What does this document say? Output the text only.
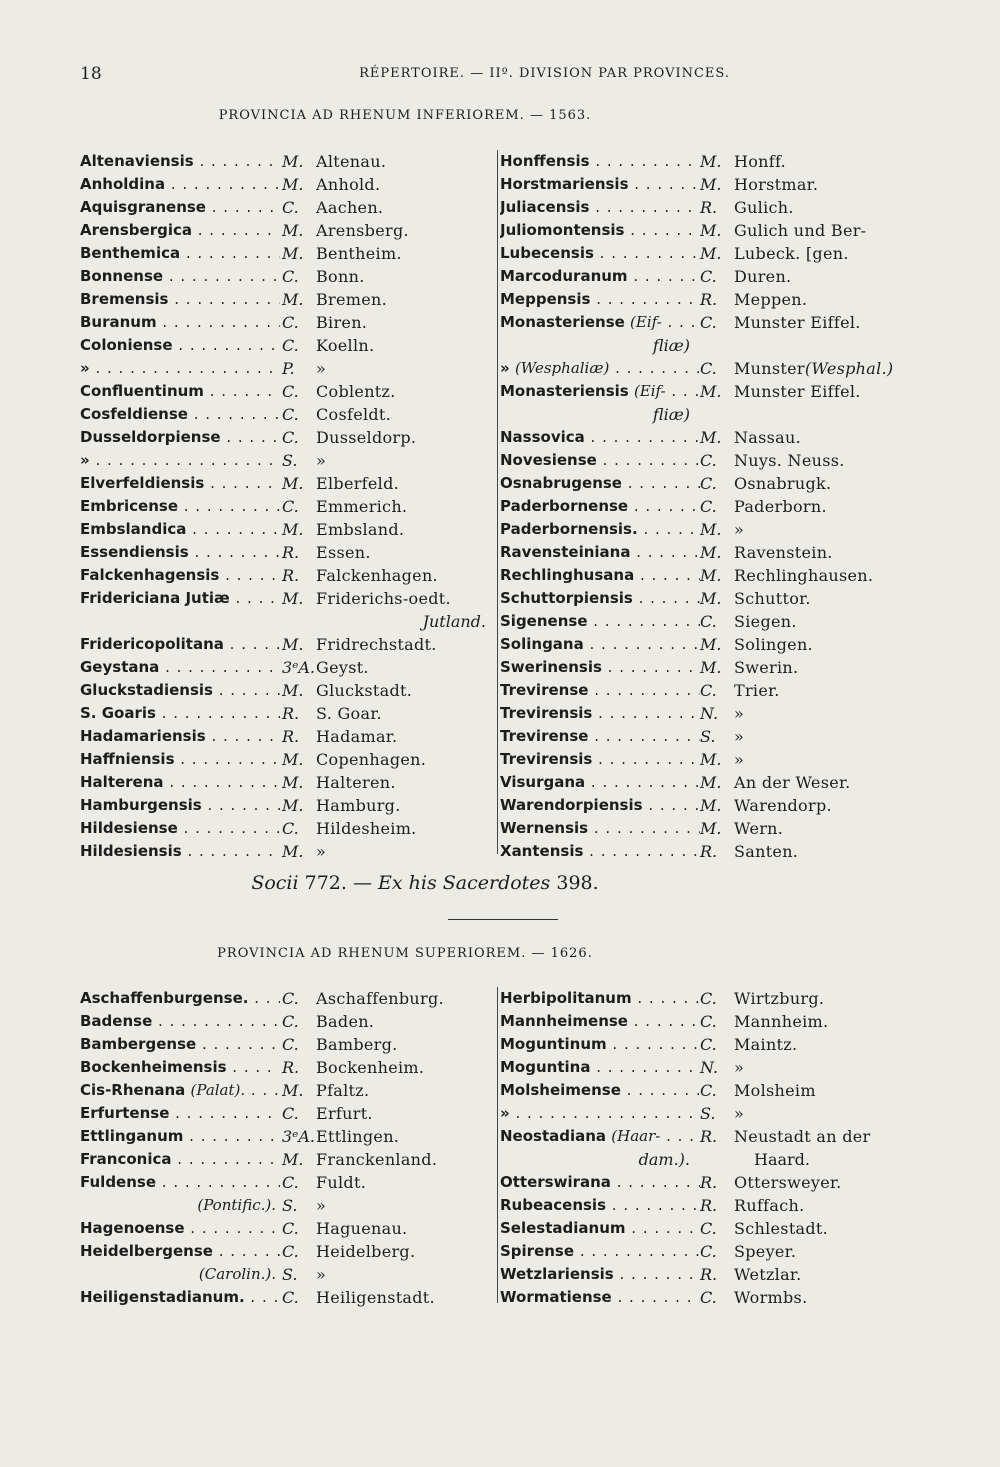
18	RÉPERTOIRE. — IIº. DIVISION PAR PROVINCES.
PROVINCIA AD RHENUM INFERIOREM. — 1563.
Altenaviensis . . .	M. Altenau.
Anholdina . . .	M. Anhold.
Aquisgranense . . .	C.	Aachen.
Arensbergica . . .	M. Arensberg.
Benthemica . . .	M. Bentheim.
Bonnense . . .	C.	Bonn.
Bremensis . . .	M. Bremen.
Buranum . . .	C.	Biren.
Coloniense . . .	C.	Koelln.
» . . .	P.	»
Confluentinum . . .	C.	Coblentz.
Cosfeldiense . . .	C.	Cosfeldt.
Dusseldorpiense . . .	C.	Dusseldorp.
» . . .	S.	»
Elverfeldiensis . . .	M. Elberfeld.
Embricense . . .	C.	Emmerich.
Embslandica . . .	M. Embsland.
Essendiensis . . .	R.	Essen.
Falckenhagensis . . .	R.	Falckenhagen.
Fridericiana Jutiæ . . .	M. Friderichs-oedt.
Jutland.
Fridericopolitana . . .	M. Fridrechstadt.
Geystana . . .	3ᵉA. Geyst.
Gluckstadiensis . . .	M. Gluckstadt.
S. Goaris . . .	R.	S. Goar.
Hadamariensis . . .	R.	Hadamar.
Haffniensis . . .	M. Copenhagen.
Halterena . . .	M. Halteren.
Hamburgensis . . .	M. Hamburg.
Hildesiense . . .	C.	Hildesheim.
Hildesiensis . . .	M. »
Honffensis . . .	M. Honff.
Horstmariensis . . .	M. Horstmar.
Juliacensis . . .	R.	Gulich.
Juliomontensis . . .	M. Gulich und Ber-
Lubecensis . . .	M. Lubeck. [gen.
Marcoduranum . . .	C.	Duren.
Meppensis . . .	R.	Meppen.
Monasteriense (Eif- . . .	C.	Munster Eiffel.
fliæ)
» (Wesphaliæ) . . .	C.	Munster(Wesphal.)
Monasteriensis (Eif- . . .	M. Munster Eiffel.
fliæ)
Nassovica . . .	M. Nassau.
Novesiense . . .	C.	Nuys. Neuss.
Osnabrugense . . .	C.	Osnabrugk.
Paderbornense . . .	C.	Paderborn.
Paderbornensis. . . .	M. »
Ravensteiniana . . .	M. Ravenstein.
Rechlinghusana . . .	M. Rechlinghausen.
Schuttorpiensis . . .	M. Schuttor.
Sigenense . . .	C.	Siegen.
Solingana . . .	M. Solingen.
Swerinensis . . .	M. Swerin.
Trevirense . . .	C.	Trier.
Trevirensis . . .	N. »
Trevirense . . .	S.	»
Trevirensis . . .	M. »
Visurgana . . .	M. An der Weser.
Warendorpiensis . . .	M. Warendorp.
Wernensis . . .	M. Wern.
Xantensis . . .	R.	Santen.
Socii 772. — Ex his Sacerdotes 398.
PROVINCIA AD RHENUM SUPERIOREM. — 1626.
Aschaffenburgense. . . .	C.	Aschaffenburg.
Badense . . .	C.	Baden.
Bambergense . . .	C.	Bamberg.
Bockenheimensis . . .	R.	Bockenheim.
Cis-Rhenana (Palat). . . .	M. Pfaltz.
Erfurtense . . .	C.	Erfurt.
Ettlinganum . . .	3ᵉA. Ettlingen.
Franconica . . .	M. Franckenland.
Fuldense . . .	C.	Fuldt.
(Pontific.). S.	»
Hagenoense . . .	C.	Haguenau.
Heidelbergense . . .	C.	Heidelberg.
(Carolin.). S.	»
Heiligenstadianum. . . .	C.	Heiligenstadt.
Herbipolitanum . . .	C.	Wirtzburg.
Mannheimense . . .	C.	Mannheim.
Moguntinum . . .	C.	Maintz.
Moguntina . . .	N. »
Molsheimense . . .	C.	Molsheim
» . . .	S.	»
Neostadiana (Haar- . . .	R.	Neustadt an der
dam.).	Haard.
Otterswirana . . .	R.	Ottersweyer.
Rubeacensis . . .	R.	Ruffach.
Selestadianum . . .	C.	Schlestadt.
Spirense . . .	C.	Speyer.
Wetzlariensis . . .	R.	Wetzlar.
Wormatiense . . .	C.	Wormbs.
